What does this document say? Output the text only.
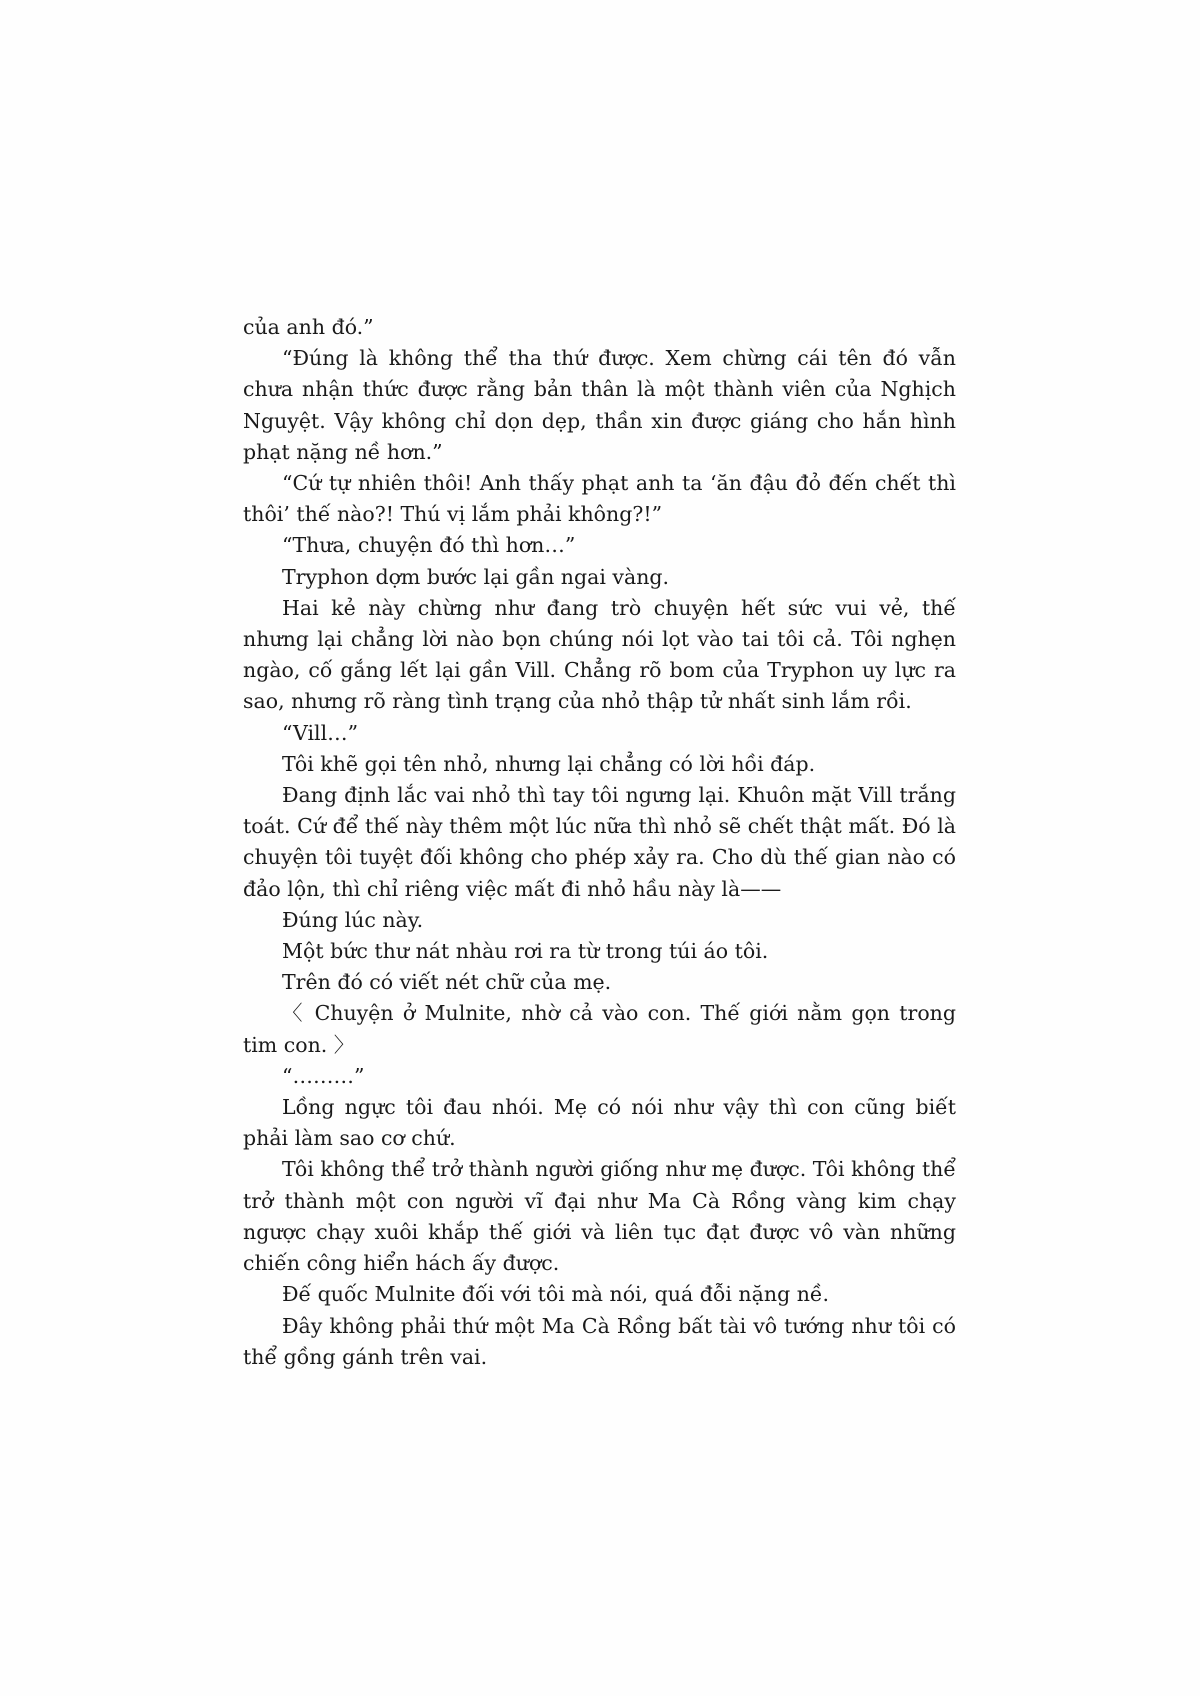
của anh đó.”

“Đúng là không thể tha thứ được. Xem chừng cái tên đó vẫn chưa nhận thức được rằng bản thân là một thành viên của Nghịch Nguyệt. Vậy không chỉ dọn dẹp, thần xin được giáng cho hắn hình phạt nặng nề hơn.”

“Cứ tự nhiên thôi! Anh thấy phạt anh ta ‘ăn đậu đỏ đến chết thì thôi’ thế nào?! Thú vị lắm phải không?!”

“Thưa, chuyện đó thì hơn…”

Tryphon dợm bước lại gần ngai vàng.

Hai kẻ này chừng như đang trò chuyện hết sức vui vẻ, thế nhưng lại chẳng lời nào bọn chúng nói lọt vào tai tôi cả. Tôi nghẹn ngào, cố gắng lết lại gần Vill. Chẳng rõ bom của Tryphon uy lực ra sao, nhưng rõ ràng tình trạng của nhỏ thập tử nhất sinh lắm rồi.

“Vill…”

Tôi khẽ gọi tên nhỏ, nhưng lại chẳng có lời hồi đáp.

Đang định lắc vai nhỏ thì tay tôi ngưng lại. Khuôn mặt Vill trắng toát. Cứ để thế này thêm một lúc nữa thì nhỏ sẽ chết thật mất. Đó là chuyện tôi tuyệt đối không cho phép xảy ra. Cho dù thế gian nào có đảo lộn, thì chỉ riêng việc mất đi nhỏ hầu này là——

Đúng lúc này.

Một bức thư nát nhàu rơi ra từ trong túi áo tôi.

Trên đó có viết nét chữ của mẹ.

〈 Chuyện ở Mulnite, nhờ cả vào con. Thế giới nằm gọn trong tim con. 〉

“………”

Lồng ngực tôi đau nhói. Mẹ có nói như vậy thì con cũng biết phải làm sao cơ chứ.

Tôi không thể trở thành người giống như mẹ được. Tôi không thể trở thành một con người vĩ đại như Ma Cà Rồng vàng kim chạy ngược chạy xuôi khắp thế giới và liên tục đạt được vô vàn những chiến công hiển hách ấy được.

Đế quốc Mulnite đối với tôi mà nói, quá đỗi nặng nề.

Đây không phải thứ một Ma Cà Rồng bất tài vô tướng như tôi có thể gồng gánh trên vai.
